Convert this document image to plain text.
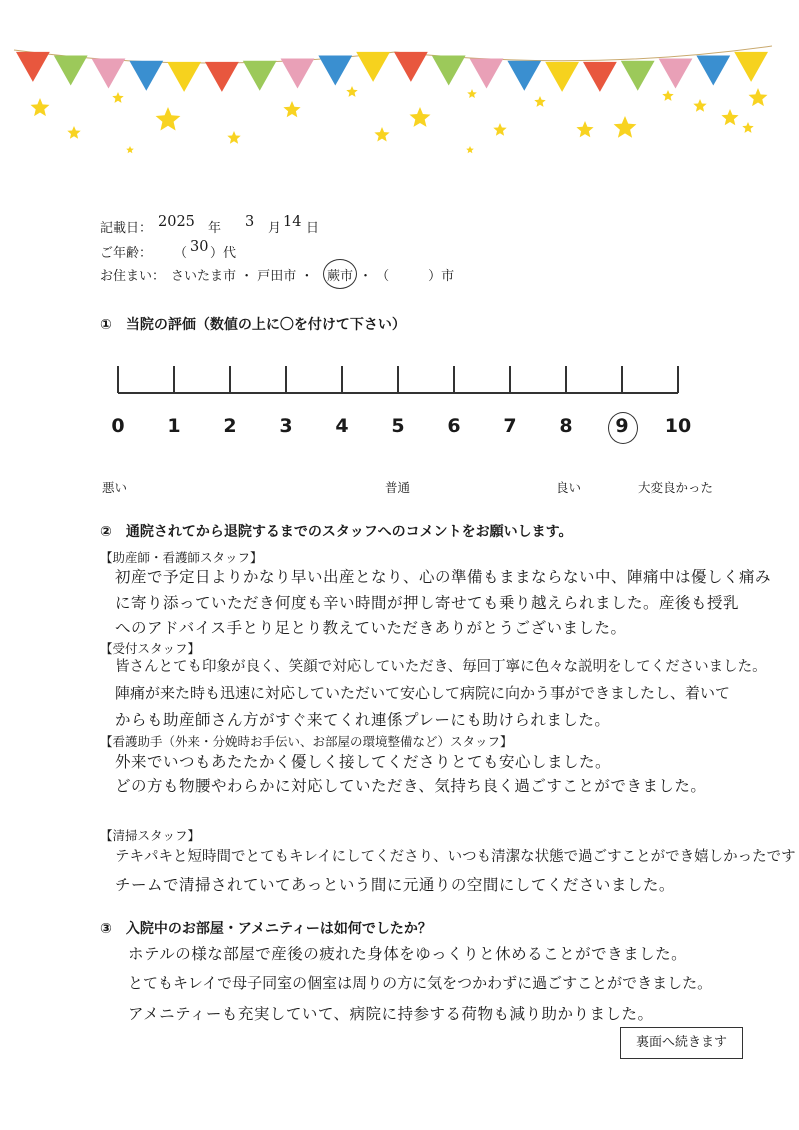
記載日： 2025 年 3 月 14 日
ご年齢： （ 30 ）代
お住まい： さいたま市 ・ 戸田市 ・ 蕨市 ・ （　　　）市
①　当院の評価（数値の上に〇を付けて下さい）
0	1	2	3	4	5	6	7	8	9	10
悪い	普通	良い	大変良かった
②　通院されてから退院するまでのスタッフへのコメントをお願いします。
【助産師・看護師スタッフ】
初産で予定日よりかなり早い出産となり、心の準備もままならない中、陣痛中は優しく痛み
に寄り添っていただき何度も辛い時間が押し寄せても乗り越えられました。産後も授乳
へのアドバイス手とり足とり教えていただきありがとうございました。
【受付スタッフ】
皆さんとても印象が良く、笑顔で対応していただき、毎回丁寧に色々な説明をしてくださいました。
陣痛が来た時も迅速に対応していただいて安心して病院に向かう事ができましたし、着いて
からも助産師さん方がすぐ来てくれ連係プレーにも助けられました。
【看護助手（外来・分娩時お手伝い、お部屋の環境整備など）スタッフ】
外来でいつもあたたかく優しく接してくださりとても安心しました。
どの方も物腰やわらかに対応していただき、気持ち良く過ごすことができました。
【清掃スタッフ】
テキパキと短時間でとてもキレイにしてくださり、いつも清潔な状態で過ごすことができ嬉しかったです
チームで清掃されていてあっという間に元通りの空間にしてくださいました。
③　入院中のお部屋・アメニティーは如何でしたか？
ホテルの様な部屋で産後の疲れた身体をゆっくりと休めることができました。
とてもキレイで母子同室の個室は周りの方に気をつかわずに過ごすことができました。
アメニティーも充実していて、病院に持参する荷物も減り助かりました。
裏面へ続きます
